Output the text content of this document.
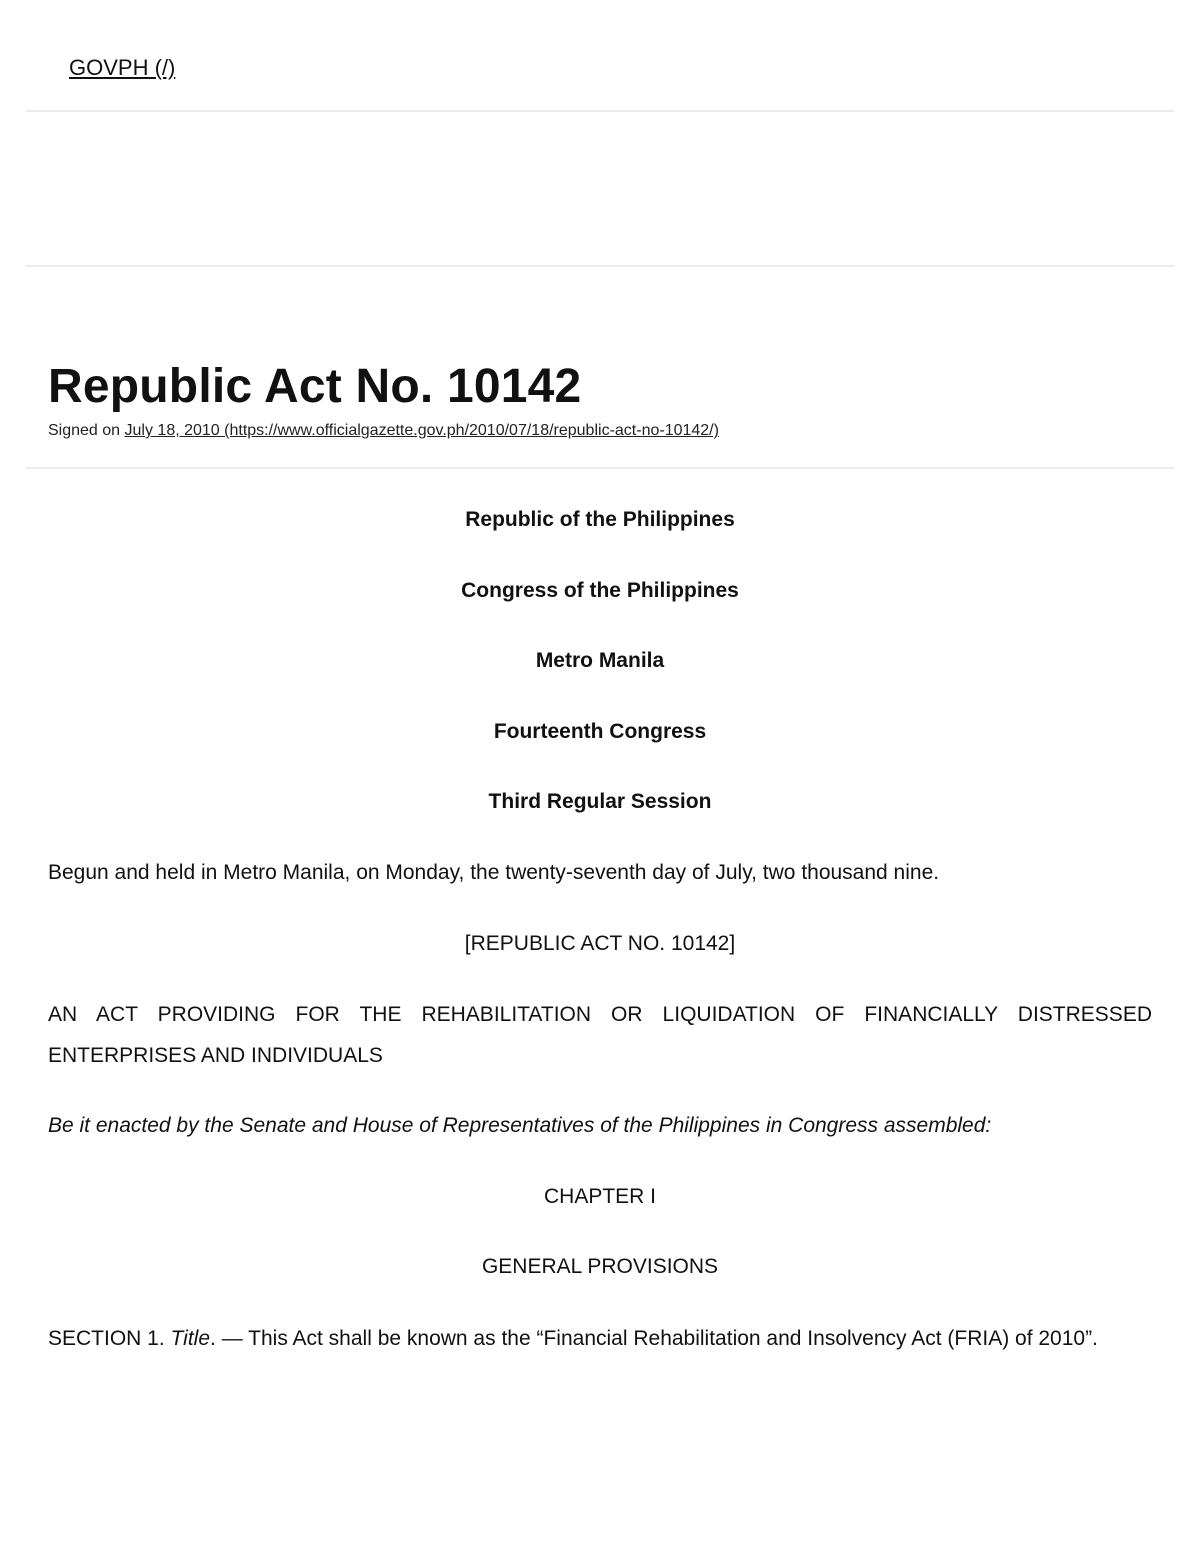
GOVPH (/)
Republic Act No. 10142
Signed on July 18, 2010 (https://www.officialgazette.gov.ph/2010/07/18/republic-act-no-10142/)

Republic of the Philippines

Congress of the Philippines

Metro Manila

Fourteenth Congress

Third Regular Session

Begun and held in Metro Manila, on Monday, the twenty-seventh day of July, two thousand nine.

[REPUBLIC ACT NO. 10142]

AN ACT PROVIDING FOR THE REHABILITATION OR LIQUIDATION OF FINANCIALLY DISTRESSED ENTERPRISES AND INDIVIDUALS

Be it enacted by the Senate and House of Representatives of the Philippines in Congress assembled:

CHAPTER I

GENERAL PROVISIONS

SECTION 1. Title. — This Act shall be known as the “Financial Rehabilitation and Insolvency Act (FRIA) of 2010”.
